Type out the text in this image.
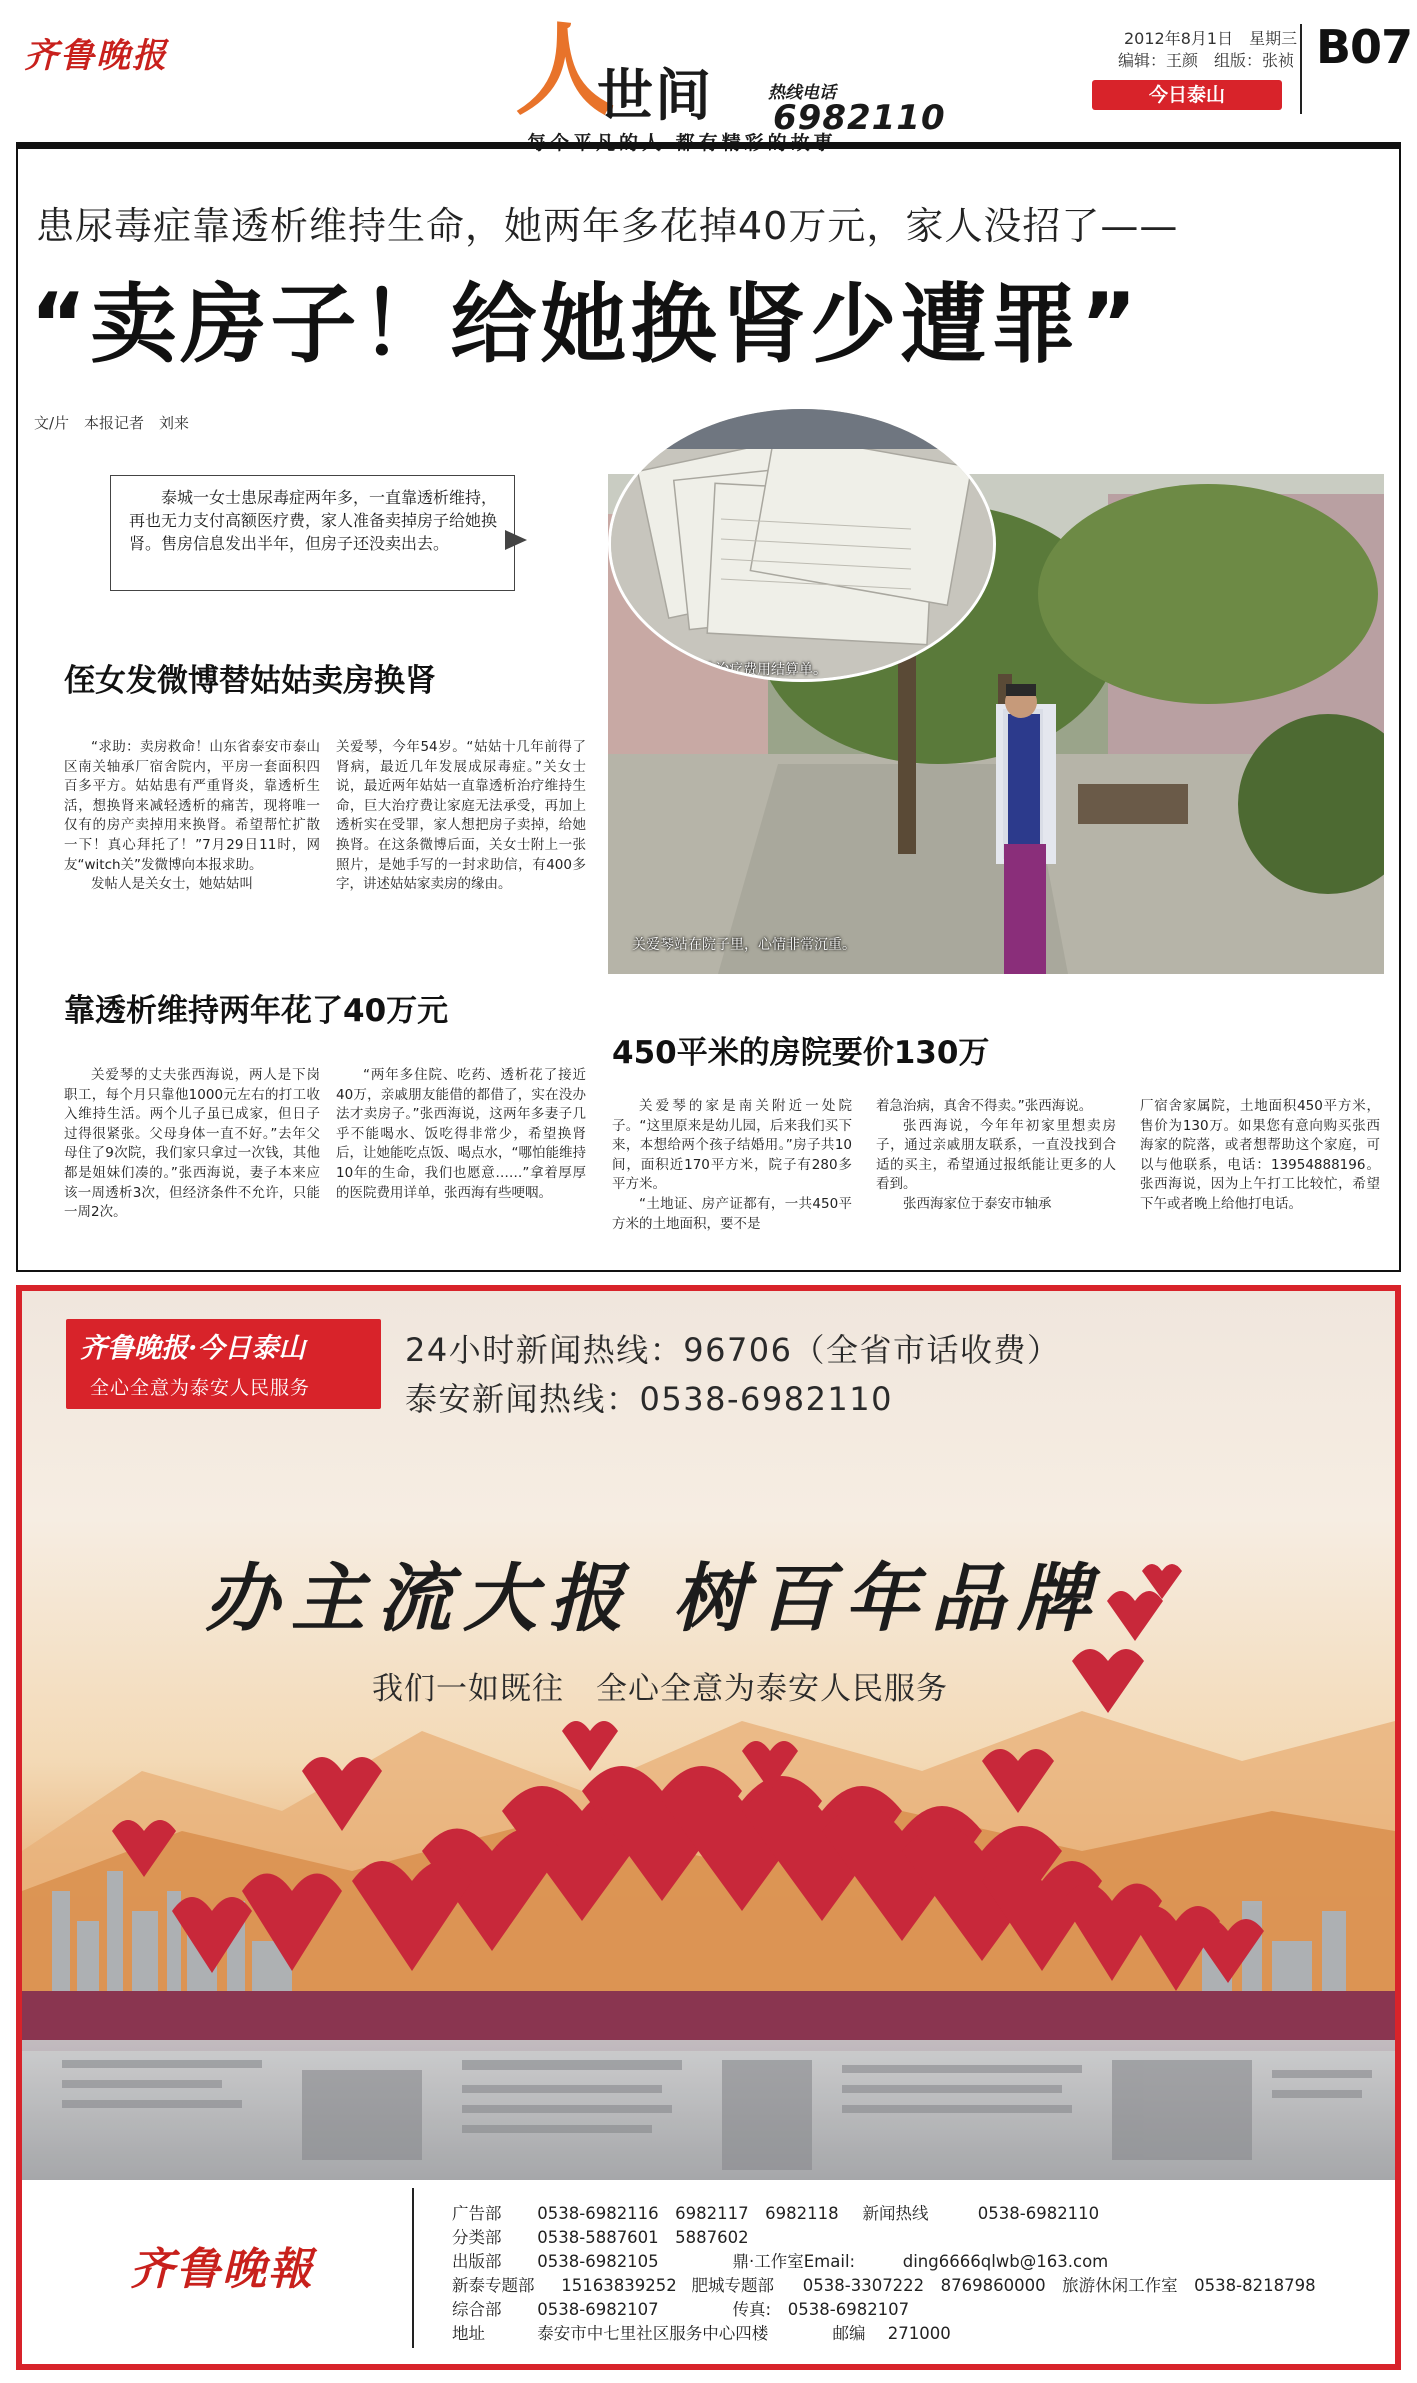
齐鲁晚报	人
世间	热线电话
6982110
2012年8月1日　星期三
编辑：王颜　组版：张祯
今日泰山
B07
患尿毒症靠透析维持生命，她两年多花掉40万元，家人没招了——
“卖房子！给她换肾少遭罪”
文/片　本报记者　刘来
泰城一女士患尿毒症两年多，一直靠透析维持，再也无力支付高额医疗费，家人准备卖掉房子给她换肾。售房信息发出半年，但房子还没卖出去。
侄女发微博替姑姑卖房换肾

“求助：卖房救命！山东省泰安市泰山区南关轴承厂宿舍院内，平房一套面积四百多平方。姑姑患有严重肾炎，靠透析生活，想换肾来减轻透析的痛苦，现将唯一仅有的房产卖掉用来换肾。希望帮忙扩散一下！真心拜托了！”7月29日11时，网友“witch关”发微博向本报求助。

发帖人是关女士，她姑姑叫

关爱琴，今年54岁。“姑姑十几年前得了肾病，最近几年发展成尿毒症。”关女士说，最近两年姑姑一直靠透析治疗维持生命，巨大治疗费让家庭无法承受，再加上透析实在受罪，家人想把房子卖掉，给她换肾。在这条微博后面，关女士附上一张照片，是她手写的一封求助信，有400多字，讲述姑姑家卖房的缘由。

靠透析维持两年花了40万元

关爱琴的丈夫张西海说，两人是下岗职工，每个月只靠他1000元左右的打工收入维持生活。两个儿子虽已成家，但日子过得很紧张。父母身体一直不好。”去年父母住了9次院，我们家只拿过一次钱，其他都是姐妹们凑的。”张西海说，妻子本来应该一周透析3次，但经济条件不允许，只能一周2次。

“两年多住院、吃药、透析花了接近40万，亲戚朋友能借的都借了，实在没办法才卖房子。”张西海说，这两年多妻子几乎不能喝水、饭吃得非常少，希望换肾后，让她能吃点饭、喝点水，“哪怕能维持10年的生命，我们也愿意……”拿着厚厚的医院费用详单，张西海有些哽咽。

450平米的房院要价130万

关爱琴的家是南关附近一处院子。“这里原来是幼儿园，后来我们买下来，本想给两个孩子结婚用。”房子共10间，面积近170平方米，院子有280多平方米。

“土地证、房产证都有，一共450平方米的土地面积，要不是

着急治病，真舍不得卖。”张西海说。

张西海说，今年年初家里想卖房子，通过亲戚朋友联系，一直没找到合适的买主，希望通过报纸能让更多的人看到。

张西海家位于泰安市轴承

厂宿舍家属院，土地面积450平方米，售价为130万。如果您有意向购买张西海家的院落，或者想帮助这个家庭，可以与他联系，电话：13954888196。张西海说，因为上午打工比较忙，希望下午或者晚上给他打电话。

关爱琴站在院子里，心情非常沉重。
厚厚的治疗费用结算单。
齐鲁晚报·今日泰山
全心全意为泰安人民服务
24小时新闻热线：96706（全省市话收费）
泰安新闻热线：0538-6982110
办主流大报 树百年品牌
我们一如既往　全心全意为泰安人民服务
齐鲁晚報
广告部 0538-6982116　6982117　6982118 新闻热线	0538-6982110
分类部 0538-5887601　5887602
出版部 0538-6982105	鼎·工作室Email:	ding6666qlwb@163.com
新泰专题部 15163839252 肥城专题部 0538-3307222　8769860000　旅游休闲工作室　0538-8218798
综合部 0538-6982107	传真: 0538-6982107
地址	泰安市中七里社区服务中心四楼	邮编 271000
